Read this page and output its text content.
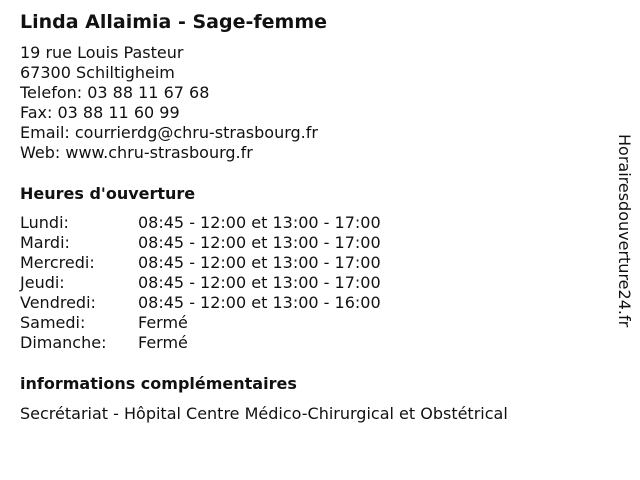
Linda Allaimia - Sage-femme
19 rue Louis Pasteur
67300 Schiltigheim
Telefon: 03 88 11 67 68
Fax: 03 88 11 60 99
Email: courrierdg@chru-strasbourg.fr
Web: www.chru-strasbourg.fr
Heures d'ouverture
Lundi:	08:45 - 12:00 et 13:00 - 17:00
Mardi:	08:45 - 12:00 et 13:00 - 17:00
Mercredi:	08:45 - 12:00 et 13:00 - 17:00
Jeudi:	08:45 - 12:00 et 13:00 - 17:00
Vendredi:	08:45 - 12:00 et 13:00 - 16:00
Samedi:	Fermé
Dimanche:	Fermé
informations complémentaires
Secrétariat - Hôpital Centre Médico-Chirurgical et Obstétrical
Horairesdouverture24.fr
